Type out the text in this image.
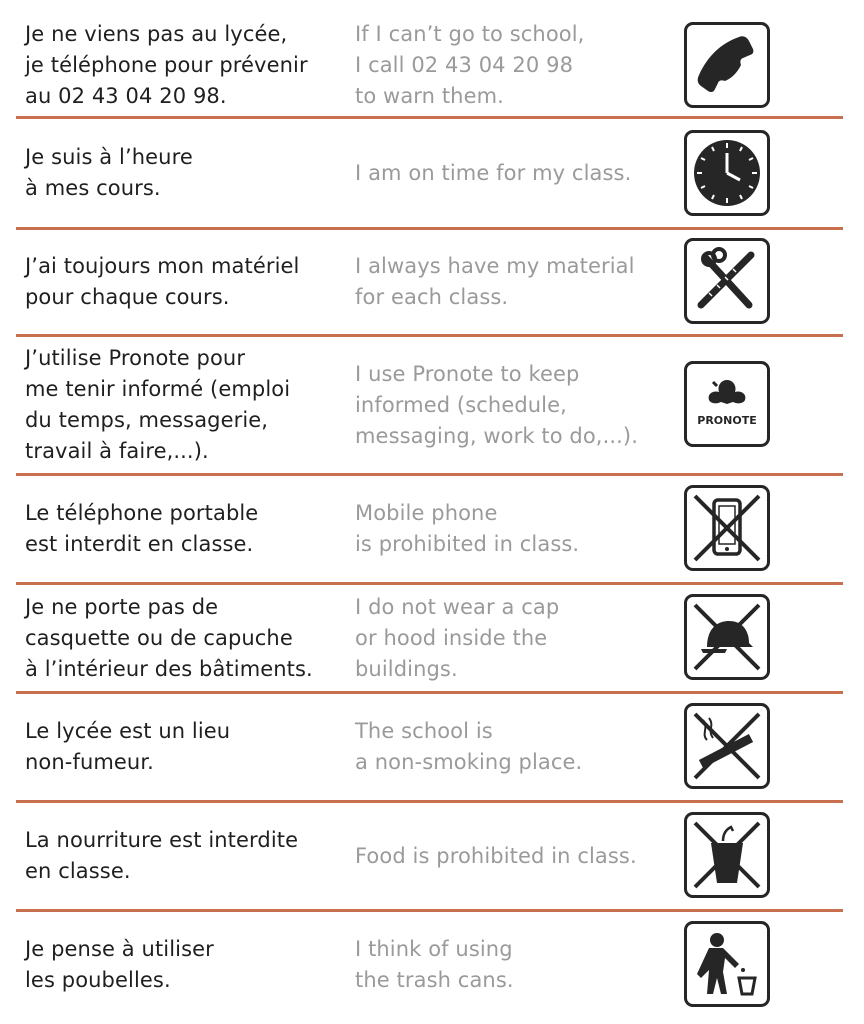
Je ne viens pas au lycée,
je téléphone pour prévenir
au 02 43 04 20 98.

If I can’t go to school,
I call 02 43 04 20 98
to warn them.

Je suis à l’heure
à mes cours.

I am on time for my class.

J’ai toujours mon matériel
pour chaque cours.

I always have my material
for each class.

J’utilise Pronote pour
me tenir informé (emploi
du temps, messagerie,
travail à faire,...).

I use Pronote to keep
informed (schedule,
messaging, work to do,...).

PRONOTE

Le téléphone portable
est interdit en classe.

Mobile phone
is prohibited in class.

Je ne porte pas de
casquette ou de capuche
à l’intérieur des bâtiments.

I do not wear a cap
or hood inside the
buildings.

Le lycée est un lieu
non-fumeur.

The school is
a non-smoking place.

La nourriture est interdite
en classe.

Food is prohibited in class.

Je pense à utiliser
les poubelles.

I think of using
the trash cans.
